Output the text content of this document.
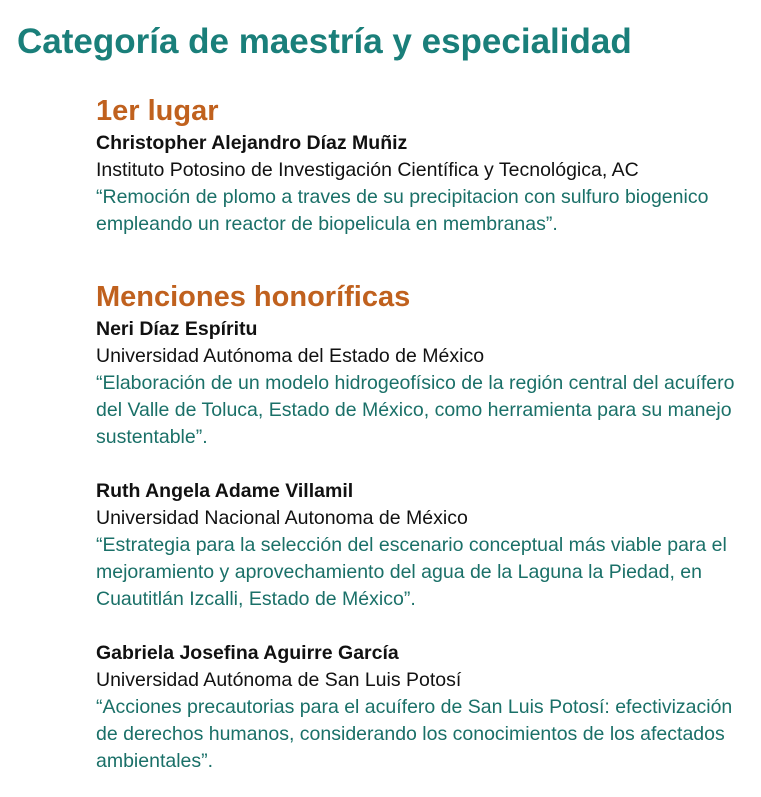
Categoría de maestría y especialidad
1er lugar
Christopher Alejandro Díaz Muñiz
Instituto Potosino de Investigación Científica y Tecnológica, AC
“Remoción de plomo a traves de su precipitacion con sulfuro biogenico empleando un reactor de biopelicula en membranas”.
Menciones honoríficas
Neri Díaz Espíritu
Universidad Autónoma del Estado de México
“Elaboración de un modelo hidrogeofísico de la región central del acuífero del Valle de Toluca, Estado de México, como herramienta para su manejo sustentable”.
Ruth Angela Adame Villamil
Universidad Nacional Autonoma de México
“Estrategia para la selección del escenario conceptual más viable para el mejoramiento y aprovechamiento del agua de la Laguna la Piedad, en Cuautitlán Izcalli, Estado de México”.
Gabriela Josefina Aguirre García
Universidad Autónoma de San Luis Potosí
“Acciones precautorias para el acuífero de San Luis Potosí: efectivización de derechos humanos, considerando los conocimientos de los afectados ambientales”.
